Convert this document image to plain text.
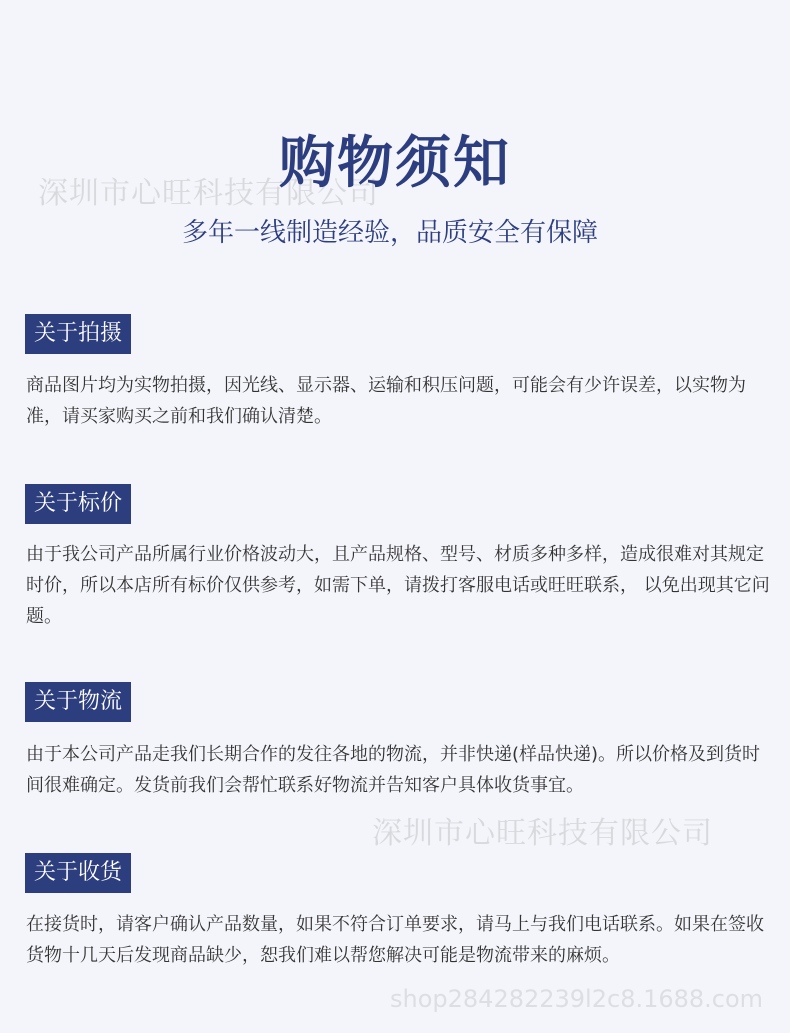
深圳市心旺科技有限公司
购物须知
多年一线制造经验，品质安全有保障
关于拍摄

商品图片均为实物拍摄，因光线、显示器、运输和积压问题，可能会有少许误差，以实物为准，请买家购买之前和我们确认清楚。

关于标价

由于我公司产品所属行业价格波动大，且产品规格、型号、材质多种多样，造成很难对其规定时价，所以本店所有标价仅供参考，如需下单，请拨打客服电话或旺旺联系， 以免出现其它问题。

关于物流

由于本公司产品走我们长期合作的发往各地的物流，并非快递(样品快递)。所以价格及到货时间很难确定。发货前我们会帮忙联系好物流并告知客户具体收货事宜。

深圳市心旺科技有限公司
关于收货

在接货时，请客户确认产品数量，如果不符合订单要求，请马上与我们电话联系。如果在签收货物十几天后发现商品缺少，恕我们难以帮您解决可能是物流带来的麻烦。

shop284282239l2c8.1688.com
